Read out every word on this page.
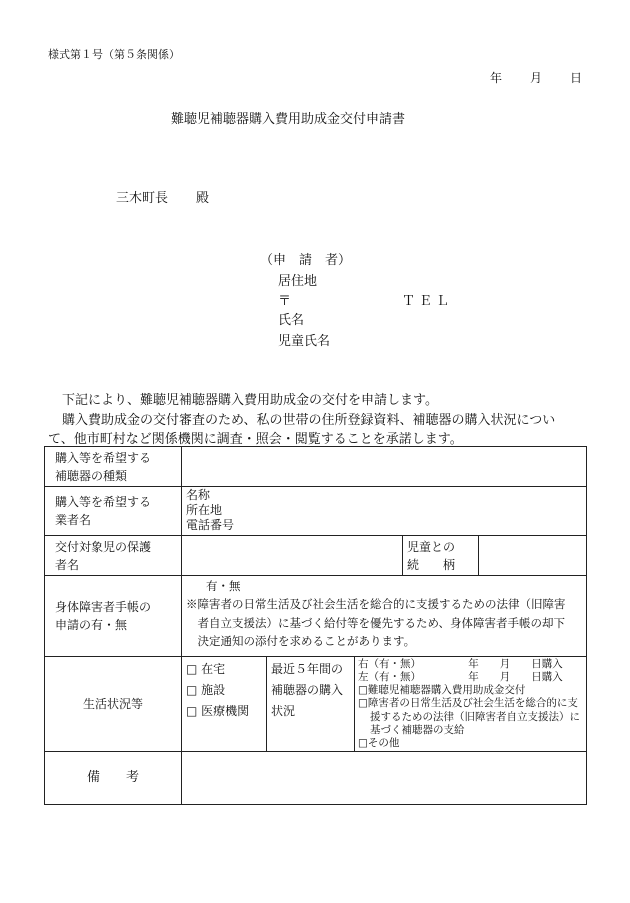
様式第１号（第５条関係）
年 月 日
難聴児補聴器購入費用助成金交付申請書
三木町長 殿
（申　請　者）
居住地
〒	ＴＥＬ
氏名
児童氏名
下記により、難聴児補聴器購入費用助成金の交付を申請します。
購入費助成金の交付審査のため、私の世帯の住所登録資料、補聴器の購入状況につい
て、他市町村など関係機関に調査・照会・閲覧することを承諾します。
購入等を希望する
補聴器の種類					

購入等を希望する
業者名	名称
所在地
電話番号				

交付対象児の保護
者名				児童との
続　　柄	

身体障害者手帳の
申請の有・無	有・無
※障害者の日常生活及び社会生活を総合的に支援するための法律（旧障害
者自立支援法）に基づく給付等を優先するため、身体障害者手帳の却下
決定通知の添付を求めることがあります。				

生活状況等	□ 在宅
□ 施設
□ 医療機関	最近５年間の
補聴器の購入
状況	右（有・無）　　　　　年　　月　　日購入
左（有・無）　　　　　年　　月　　日購入
□難聴児補聴器購入費用助成金交付
□障害者の日常生活及び社会生活を総合的に支援するための法律（旧障害者自立支援法）に基づく補聴器の支給
□その他		

備　　考					
